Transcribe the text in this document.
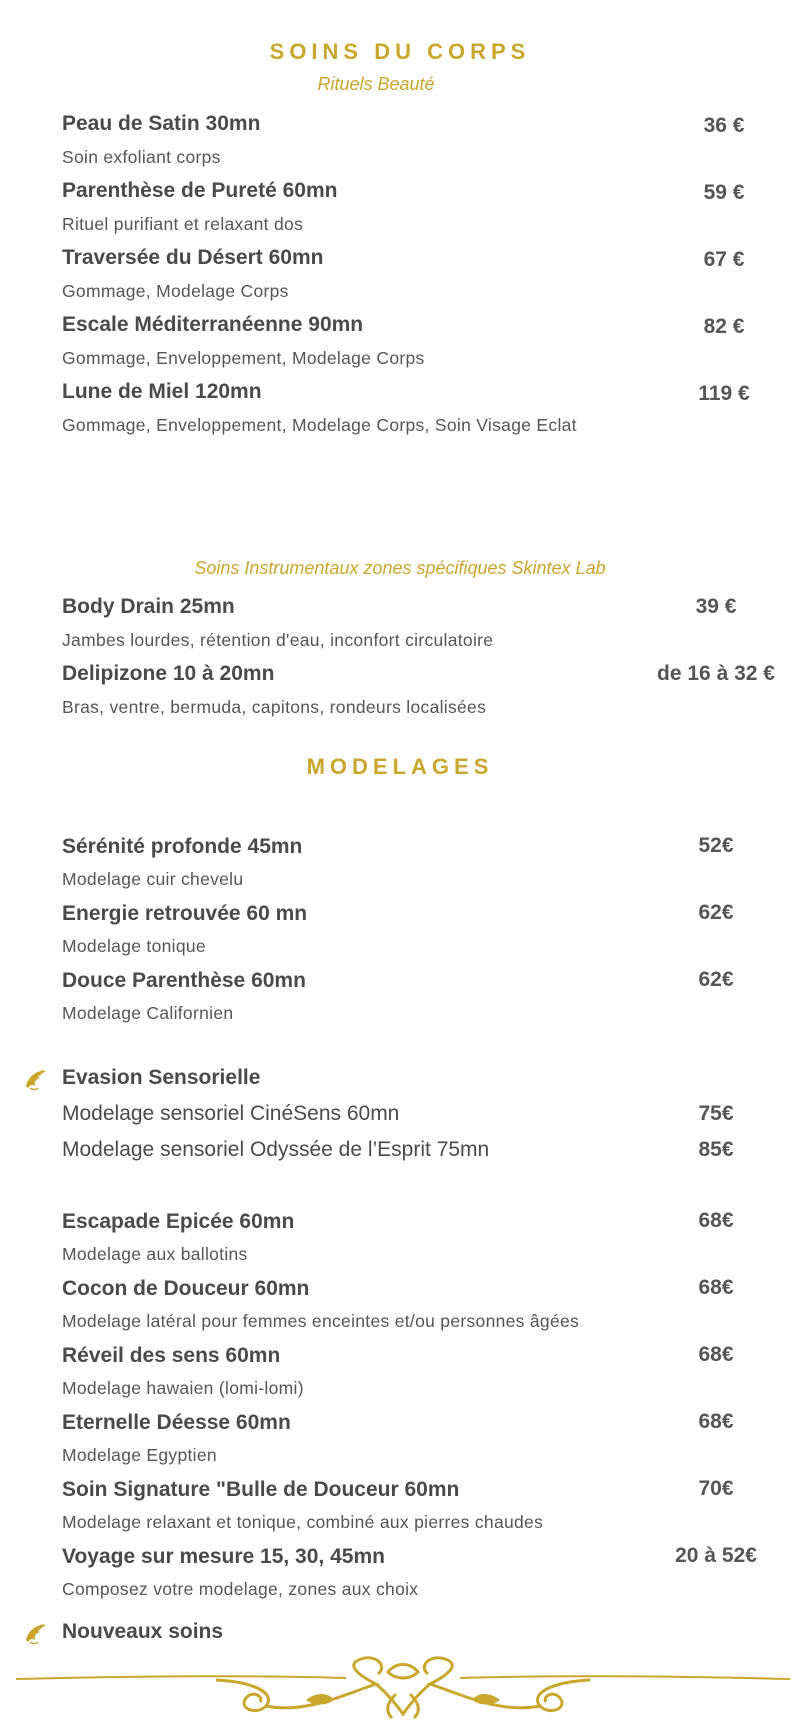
SOINS DU CORPS
Rituels Beauté
Peau de Satin 30mn	36 €
Soin exfoliant corps
Parenthèse de Pureté 60mn	59 €
Rituel purifiant et relaxant dos
Traversée du Désert 60mn	67 €
Gommage, Modelage Corps
Escale Méditerranéenne 90mn	82 €
Gommage, Enveloppement, Modelage Corps
Lune de Miel 120mn	119 €
Gommage, Enveloppement, Modelage Corps, Soin Visage Eclat
Soins Instrumentaux zones spécifiques Skintex Lab
Body Drain 25mn	39 €
Jambes lourdes, rétention d'eau, inconfort circulatoire
Delipizone 10 à 20mn	de 16 à 32 €
Bras, ventre, bermuda, capitons, rondeurs localisées
MODELAGES
Sérénité profonde 45mn	52€
Modelage cuir chevelu
Energie retrouvée 60 mn	62€
Modelage tonique
Douce Parenthèse 60mn	62€
Modelage Californien
Evasion Sensorielle
Modelage sensoriel CinéSens 60mn	75€
Modelage sensoriel Odyssée de l’Esprit 75mn	85€
Escapade Epicée 60mn	68€
Modelage aux ballotins
Cocon de Douceur 60mn	68€
Modelage latéral pour femmes enceintes et/ou personnes âgées
Réveil des sens 60mn	68€
Modelage hawaien (lomi-lomi)
Eternelle Déesse 60mn	68€
Modelage Egyptien
Soin Signature "Bulle de Douceur 60mn	70€
Modelage relaxant et tonique, combiné aux pierres chaudes
Voyage sur mesure 15, 30, 45mn	20 à 52€
Composez votre modelage, zones aux choix
Nouveaux soins
